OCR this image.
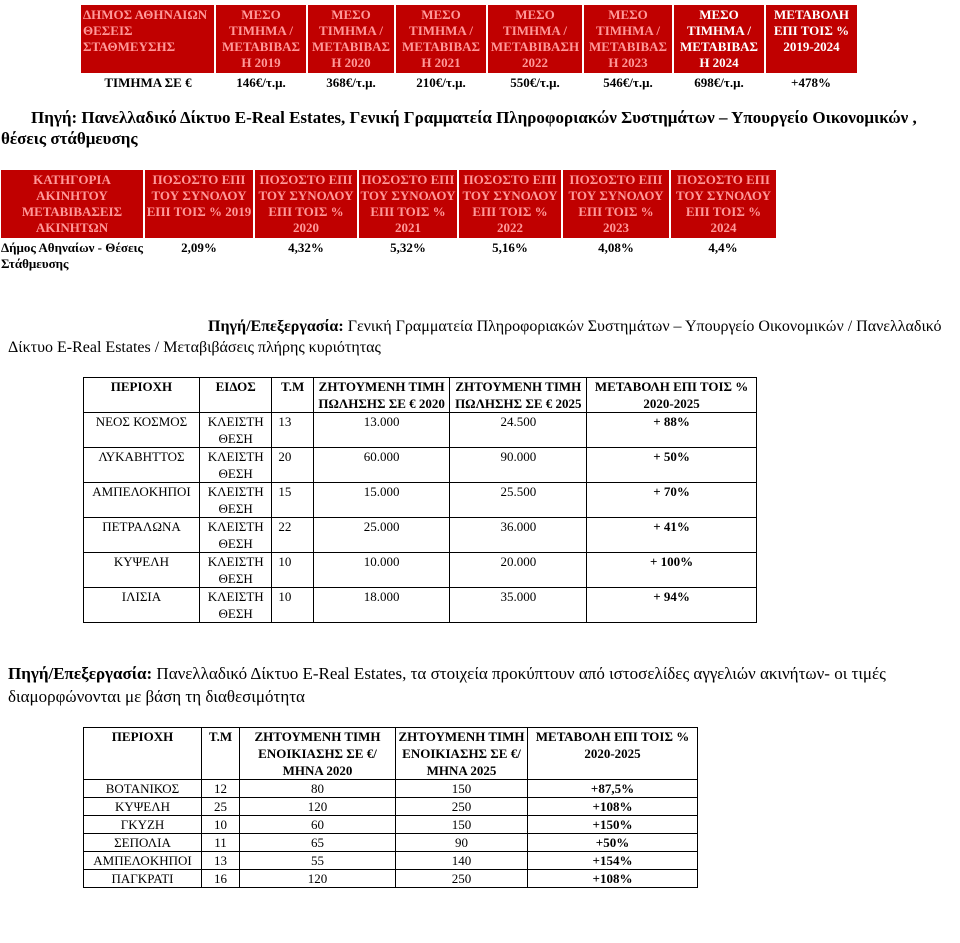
ΔΗΜΟΣ ΑΘΗΝΑΙΩΝ ΘΕΣΕΙΣ ΣΤΑΘΜΕΥΣΗΣ	ΜΕΣΟ ΤΙΜΗΜΑ / ΜΕΤΑΒΙΒΑΣ Η 2019	ΜΕΣΟ ΤΙΜΗΜΑ / ΜΕΤΑΒΙΒΑΣ Η 2020	ΜΕΣΟ ΤΙΜΗΜΑ / ΜΕΤΑΒΙΒΑΣ Η 2021	ΜΕΣΟ ΤΙΜΗΜΑ / ΜΕΤΑΒΙΒΑΣΗ 2022	ΜΕΣΟ ΤΙΜΗΜΑ / ΜΕΤΑΒΙΒΑΣ Η 2023	ΜΕΣΟ ΤΙΜΗΜΑ / ΜΕΤΑΒΙΒΑΣ Η 2024	ΜΕΤΑΒΟΛΗ ΕΠΙ ΤΟΙΣ % 2019-2024
ΤΙΜΗΜΑ ΣΕ €	146€/τ.μ.	368€/τ.μ.	210€/τ.μ.	550€/τ.μ.	546€/τ.μ.	698€/τ.μ.	+478%
Πηγή: Πανελλαδικό Δίκτυο E-Real Estates, Γενική Γραμματεία Πληροφοριακών Συστημάτων – Υπουργείο Οικονομικών , θέσεις στάθμευσης
ΚΑΤΗΓΟΡΙΑ ΑΚΙΝΗΤΟΥ ΜΕΤΑΒΙΒΑΣΕΙΣ ΑΚΙΝΗΤΩΝ	ΠΟΣΟΣΤΟ ΕΠΙ ΤΟΥ ΣΥΝΟΛΟΥ ΕΠΙ ΤΟΙΣ % 2019	ΠΟΣΟΣΤΟ ΕΠΙ ΤΟΥ ΣΥΝΟΛΟΥ ΕΠΙ ΤΟΙΣ % 2020	ΠΟΣΟΣΤΟ ΕΠΙ ΤΟΥ ΣΥΝΟΛΟΥ ΕΠΙ ΤΟΙΣ % 2021	ΠΟΣΟΣΤΟ ΕΠΙ ΤΟΥ ΣΥΝΟΛΟΥ ΕΠΙ ΤΟΙΣ % 2022	ΠΟΣΟΣΤΟ ΕΠΙ ΤΟΥ ΣΥΝΟΛΟΥ ΕΠΙ ΤΟΙΣ % 2023	ΠΟΣΟΣΤΟ ΕΠΙ ΤΟΥ ΣΥΝΟΛΟΥ ΕΠΙ ΤΟΙΣ % 2024
Δήμος Αθηναίων - Θέσεις Στάθμευσης	2,09%	4,32%	5,32%	5,16%	4,08%	4,4%
Πηγή/Επεξεργασία: Γενική Γραμματεία Πληροφοριακών Συστημάτων – Υπουργείο Οικονομικών / Πανελλαδικό Δίκτυο E-Real Estates / Μεταβιβάσεις πλήρης κυριότητας
ΠΕΡΙΟΧΗ	ΕΙΔΟΣ	Τ.Μ	ΖΗΤΟΥΜΕΝΗ ΤΙΜΗ ΠΩΛΗΣΗΣ ΣΕ € 2020	ΖΗΤΟΥΜΕΝΗ ΤΙΜΗ ΠΩΛΗΣΗΣ ΣΕ € 2025	ΜΕΤΑΒΟΛΗ ΕΠΙ ΤΟΙΣ % 2020-2025
ΝΕΟΣ ΚΟΣΜΟΣ	ΚΛΕΙΣΤΗ ΘΕΣΗ	13	13.000	24.500	+ 88%
ΛΥΚΑΒΗΤΤΟΣ	ΚΛΕΙΣΤΗ ΘΕΣΗ	20	60.000	90.000	+ 50%
ΑΜΠΕΛΟΚΗΠΟΙ	ΚΛΕΙΣΤΗ ΘΕΣΗ	15	15.000	25.500	+ 70%
ΠΕΤΡΑΛΩΝΑ	ΚΛΕΙΣΤΗ ΘΕΣΗ	22	25.000	36.000	+ 41%
ΚΥΨΕΛΗ	ΚΛΕΙΣΤΗ ΘΕΣΗ	10	10.000	20.000	+ 100%
ΙΛΙΣΙΑ	ΚΛΕΙΣΤΗ ΘΕΣΗ	10	18.000	35.000	+ 94%
Πηγή/Επεξεργασία: Πανελλαδικό Δίκτυο E-Real Estates, τα στοιχεία προκύπτουν από ιστοσελίδες αγγελιών ακινήτων- οι τιμές διαμορφώνονται με βάση τη διαθεσιμότητα
ΠΕΡΙΟΧΗ	Τ.Μ	ΖΗΤΟΥΜΕΝΗ ΤΙΜΗ ΕΝΟΙΚΙΑΣΗΣ ΣΕ €/ ΜΗΝΑ 2020	ΖΗΤΟΥΜΕΝΗ ΤΙΜΗ ΕΝΟΙΚΙΑΣΗΣ ΣΕ €/ ΜΗΝΑ 2025	ΜΕΤΑΒΟΛΗ ΕΠΙ ΤΟΙΣ % 2020-2025
ΒΟΤΑΝΙΚΟΣ	12	80	150	+87,5%
ΚΥΨΕΛΗ	25	120	250	+108%
ΓΚΥΖΗ	10	60	150	+150%
ΣΕΠΟΛΙΑ	11	65	90	+50%
ΑΜΠΕΛΟΚΗΠΟΙ	13	55	140	+154%
ΠΑΓΚΡΑΤΙ	16	120	250	+108%
